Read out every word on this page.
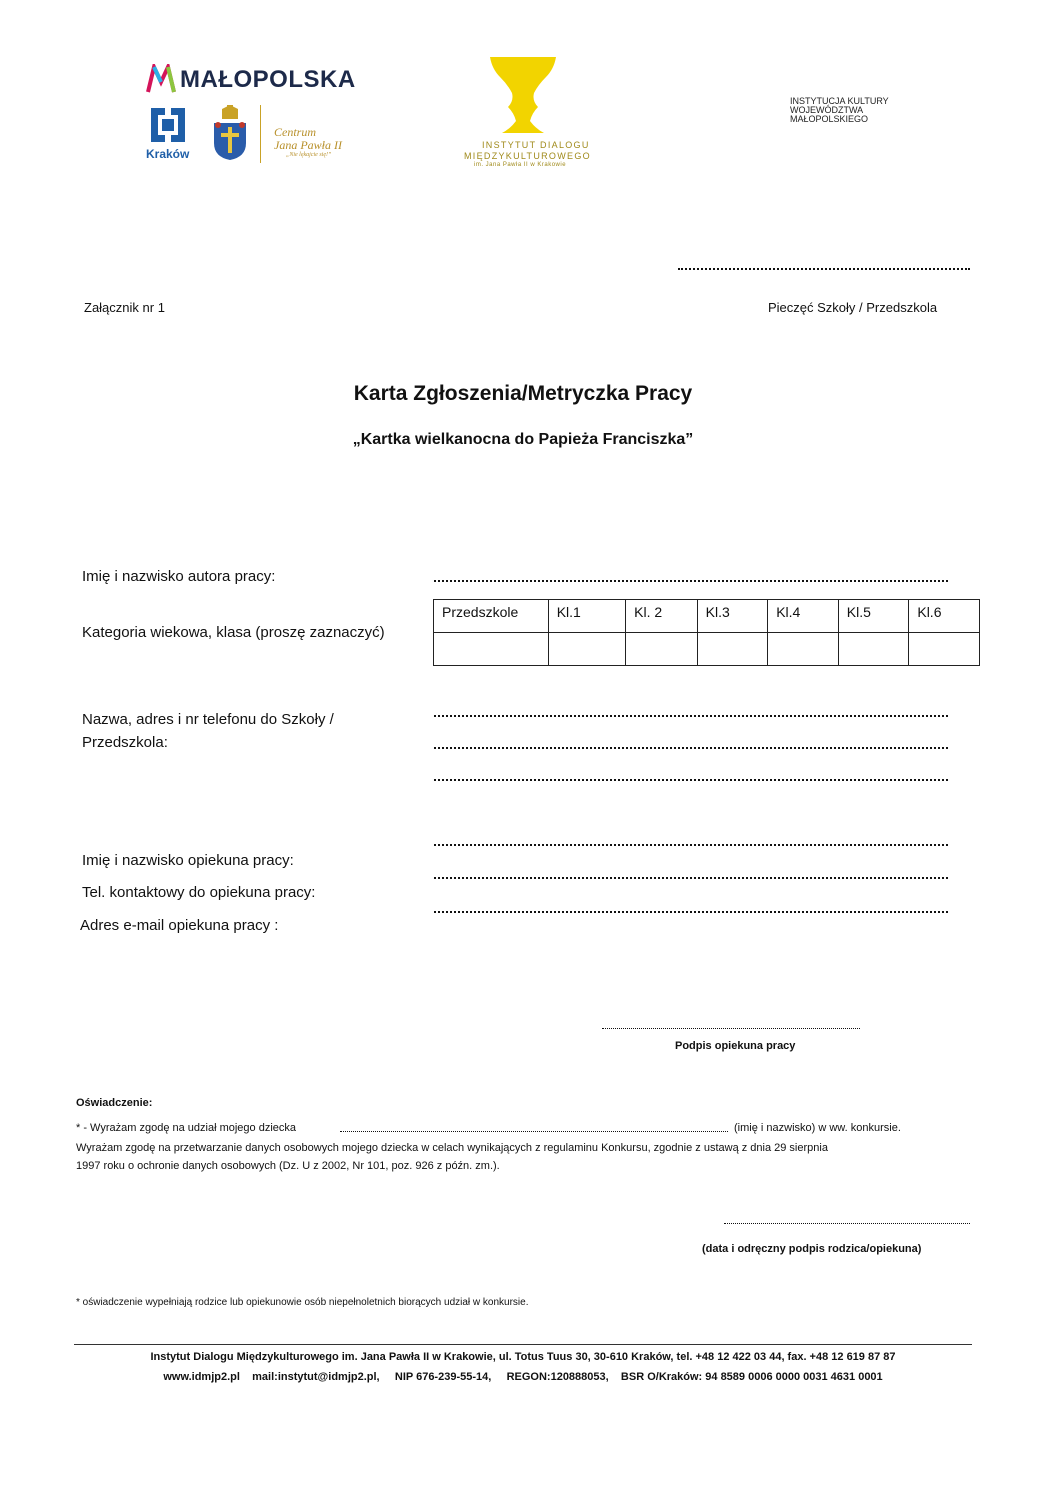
MAŁOPOLSKA
Kraków
Centrum
Jana Pawła II
„Nie lękajcie się!”
INSTYTUT DIALOGU
MIĘDZYKULTUROWEGO
im. Jana Pawła II w Krakowie
INSTYTUCJA KULTURY
WOJEWÓDZTWA
MAŁOPOLSKIEGO
Załącznik nr 1	Pieczęć Szkoły / Przedszkola
Karta Zgłoszenia/Metryczka Pracy
„Kartka wielkanocna do Papieża Franciszka”
Imię i nazwisko autora pracy:
Kategoria wiekowa, klasa (proszę zaznaczyć)
Przedszkole	Kl.1	Kl. 2	Kl.3	Kl.4	Kl.5	Kl.6

Nazwa, adres i nr telefonu do Szkoły /
Przedszkola:
Imię i nazwisko opiekuna pracy:
Tel. kontaktowy do opiekuna pracy:
Adres e-mail opiekuna pracy :
Podpis opiekuna pracy
Oświadczenie:
* - Wyrażam zgodę na udział mojego dziecka	(imię i nazwisko) w ww. konkursie.
Wyrażam zgodę na przetwarzanie danych osobowych mojego dziecka w celach wynikających z regulaminu Konkursu, zgodnie z ustawą z dnia 29 sierpnia
1997 roku o ochronie danych osobowych (Dz. U z 2002, Nr 101, poz. 926 z późn. zm.).
(data i odręczny podpis rodzica/opiekuna)
* oświadczenie wypełniają rodzice lub opiekunowie osób niepełnoletnich biorących udział w konkursie.
Instytut Dialogu Międzykulturowego im. Jana Pawła II w Krakowie, ul. Totus Tuus 30, 30-610 Kraków, tel. +48 12 422 03 44, fax. +48 12 619 87 87
www.idmjp2.pl    mail:instytut@idmjp2.pl,     NIP 676-239-55-14,     REGON:120888053,    BSR O/Kraków: 94 8589 0006 0000 0031 4631 0001
